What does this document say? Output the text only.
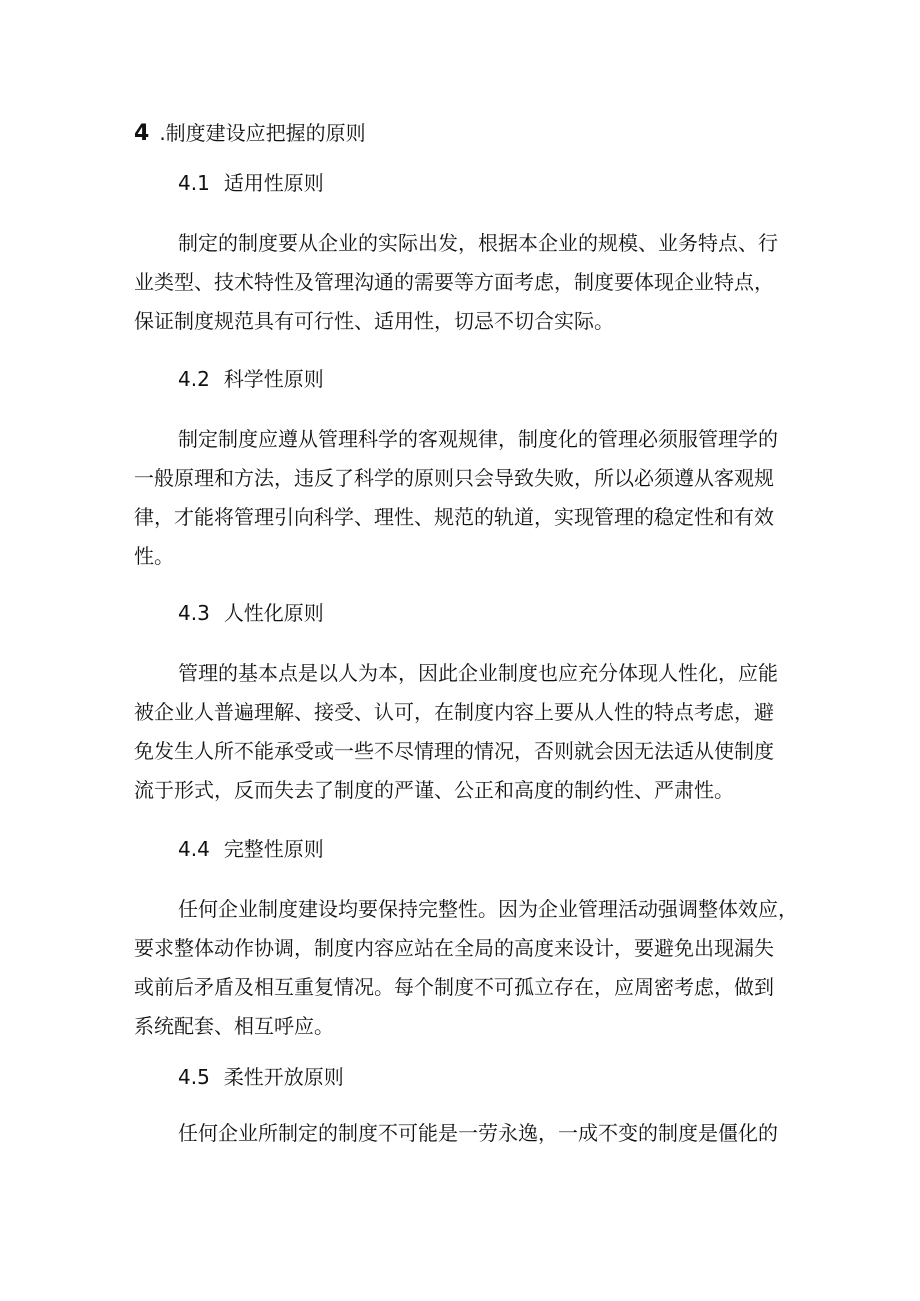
4 .制度建设应把握的原则
4.1 适用性原则
制定的制度要从企业的实际出发，根据本企业的规模、业务特点、行
业类型、技术特性及管理沟通的需要等方面考虑，制度要体现企业特点，
保证制度规范具有可行性、适用性，切忌不切合实际。
4.2 科学性原则
制定制度应遵从管理科学的客观规律，制度化的管理必须服管理学的
一般原理和方法，违反了科学的原则只会导致失败，所以必须遵从客观规
律，才能将管理引向科学、理性、规范的轨道，实现管理的稳定性和有效
性。
4.3 人性化原则
管理的基本点是以人为本，因此企业制度也应充分体现人性化，应能
被企业人普遍理解、接受、认可，在制度内容上要从人性的特点考虑，避
免发生人所不能承受或一些不尽情理的情况，否则就会因无法适从使制度
流于形式，反而失去了制度的严谨、公正和高度的制约性、严肃性。
4.4 完整性原则
任何企业制度建设均要保持完整性。因为企业管理活动强调整体效应，
要求整体动作协调，制度内容应站在全局的高度来设计，要避免出现漏失
或前后矛盾及相互重复情况。每个制度不可孤立存在，应周密考虑，做到
系统配套、相互呼应。
4.5 柔性开放原则
任何企业所制定的制度不可能是一劳永逸，一成不变的制度是僵化的
